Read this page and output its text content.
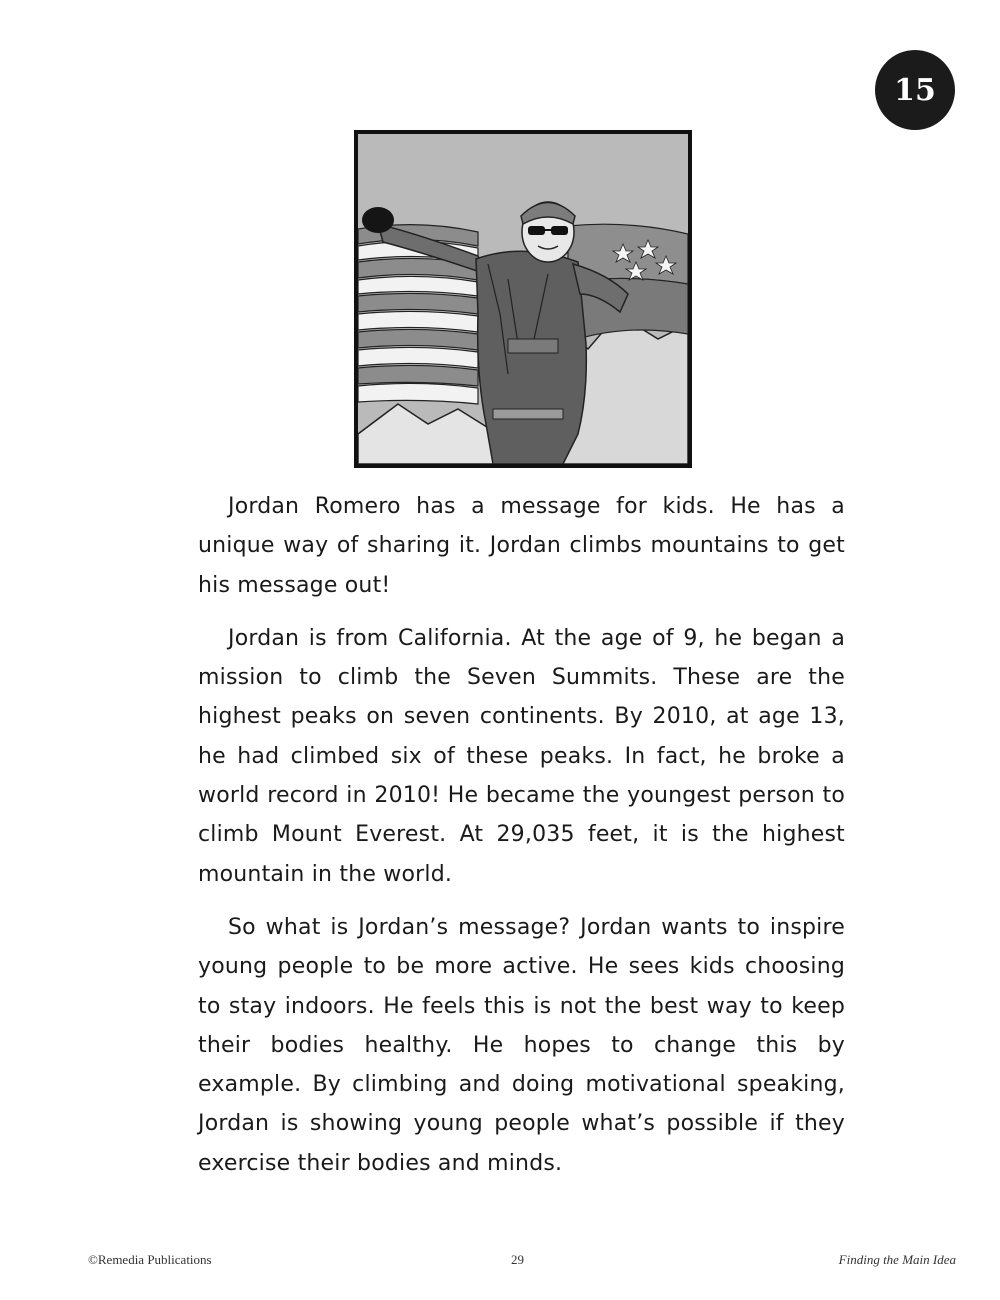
15

Jordan Romero has a message for kids. He has a unique way of sharing it. Jordan climbs mountains to get his message out!

Jordan is from California. At the age of 9, he began a mission to climb the Seven Summits. These are the highest peaks on seven continents. By 2010, at age 13, he had climbed six of these peaks. In fact, he broke a world record in 2010! He became the youngest person to climb Mount Everest. At 29,035 feet, it is the highest mountain in the world.

So what is Jordan’s message? Jordan wants to inspire young people to be more active. He sees kids choosing to stay indoors. He feels this is not the best way to keep their bodies healthy. He hopes to change this by example. By climbing and doing motivational speaking, Jordan is showing young people what’s possible if they exercise their bodies and minds.

©Remedia Publications	29	Finding the Main Idea
